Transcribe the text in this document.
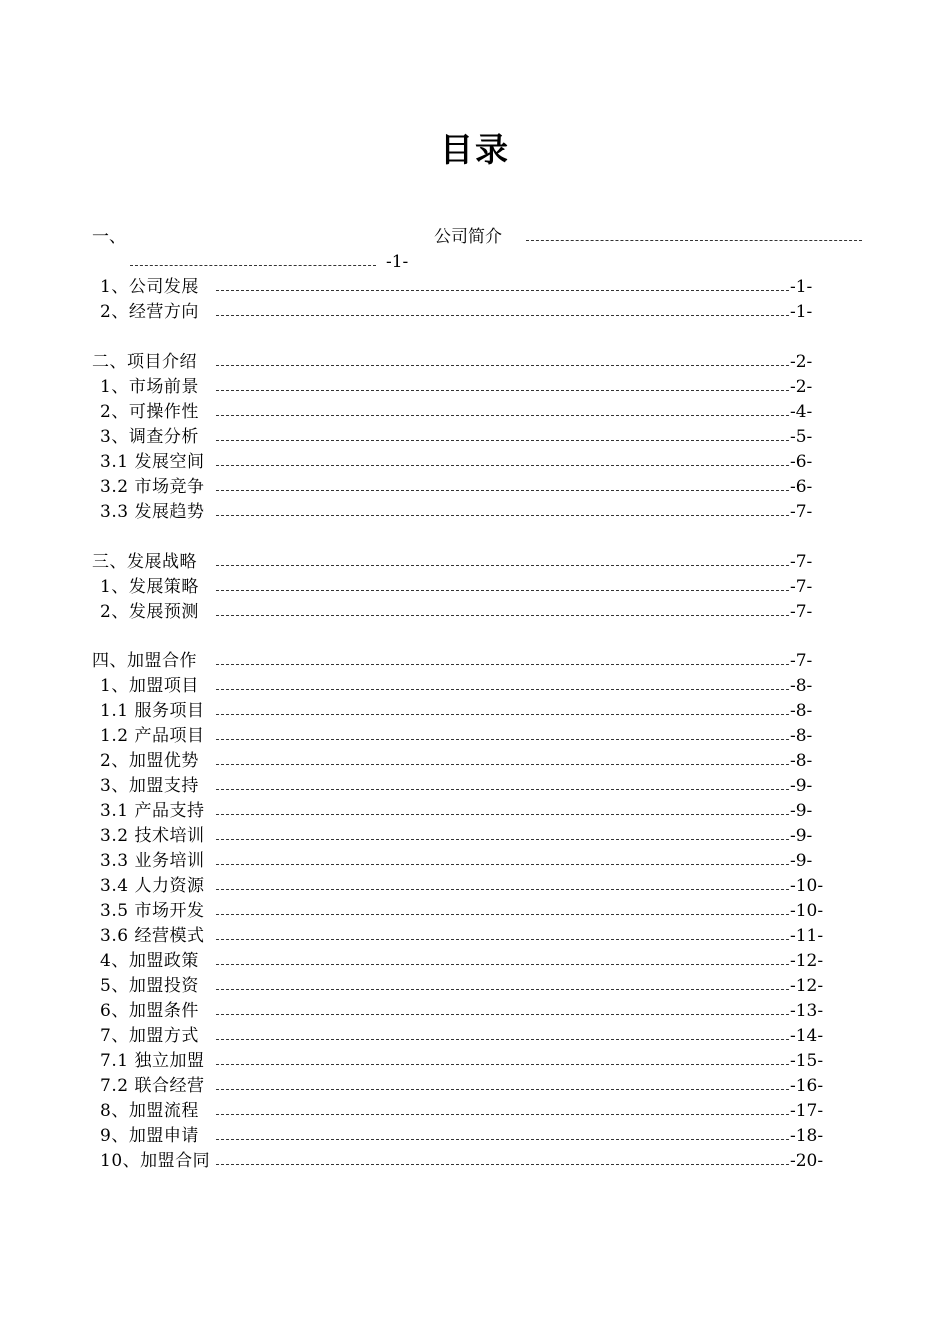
目录
一、	公司简介
-1-
1、公司发展	-1-
2、经营方向	-1-
二、项目介绍	-2-
1、市场前景	-2-
2、可操作性	-4-
3、调查分析	-5-
3.1 发展空间	-6-
3.2 市场竞争	-6-
3.3 发展趋势	-7-
三、发展战略	-7-
1、发展策略	-7-
2、发展预测	-7-
四、加盟合作	-7-
1、加盟项目	-8-
1.1 服务项目	-8-
1.2 产品项目	-8-
2、加盟优势	-8-
3、加盟支持	-9-
3.1 产品支持	-9-
3.2 技术培训	-9-
3.3 业务培训	-9-
3.4 人力资源	-10-
3.5 市场开发	-10-
3.6 经营模式	-11-
4、加盟政策	-12-
5、加盟投资	-12-
6、加盟条件	-13-
7、加盟方式	-14-
7.1 独立加盟	-15-
7.2 联合经营	-16-
8、加盟流程	-17-
9、加盟申请	-18-
10、加盟合同	-20-
